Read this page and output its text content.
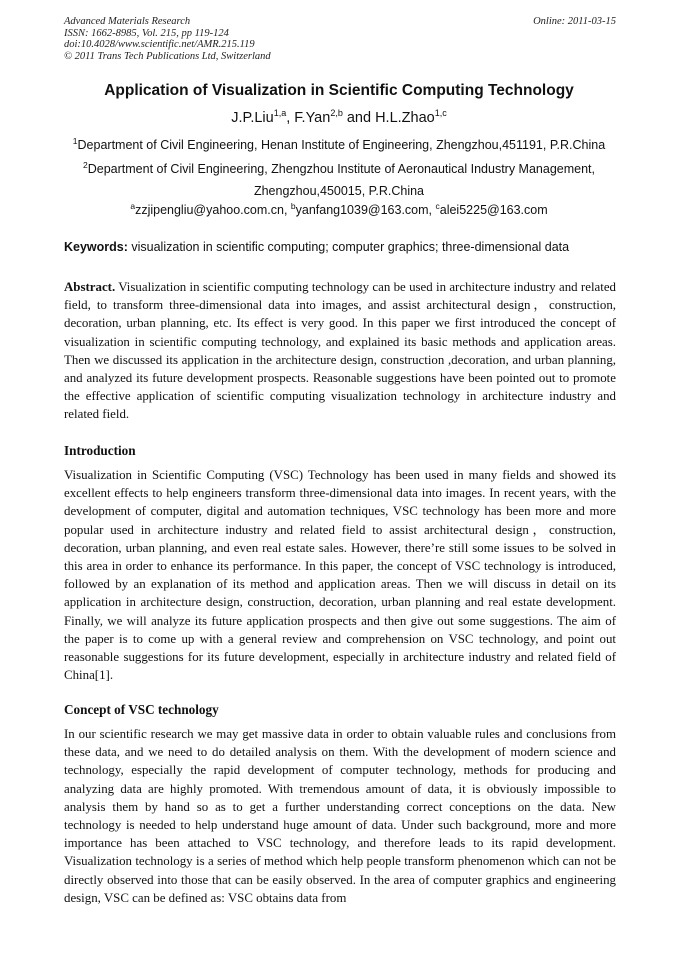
Advanced Materials Research
ISSN: 1662-8985, Vol. 215, pp 119-124
doi:10.4028/www.scientific.net/AMR.215.119
© 2011 Trans Tech Publications Ltd, Switzerland
Online: 2011-03-15
Application of Visualization in Scientific Computing Technology
J.P.Liu$^{1,a}$, F.Yan$^{2,b}$ and H.L.Zhao$^{1,c}$
$^1$Department of Civil Engineering, Henan Institute of Engineering, Zhengzhou,451191, P.R.China
$^2$Department of Civil Engineering, Zhengzhou Institute of Aeronautical Industry Management, Zhengzhou,450015, P.R.China
$^a$zzjipengliu@yahoo.com.cn, $^b$yanfang1039@163.com, $^c$alei5225@163.com
Keywords: visualization in scientific computing; computer graphics; three-dimensional data

Abstract. Visualization in scientific computing technology can be used in architecture industry and related field, to transform three-dimensional data into images, and assist architectural design，construction, decoration, urban planning, etc. Its effect is very good. In this paper we first introduced the concept of visualization in scientific computing technology, and explained its basic methods and application areas. Then we discussed its application in the architecture design, construction ,decoration, and urban planning, and analyzed its future development prospects. Reasonable suggestions have been pointed out to promote the effective application of scientific computing visualization technology in architecture industry and related field.

Introduction

Visualization in Scientific Computing (VSC) Technology has been used in many fields and showed its excellent effects to help engineers transform three-dimensional data into images. In recent years, with the development of computer, digital and automation techniques, VSC technology has been more and more popular used in architecture industry and related field to assist architectural design，construction, decoration, urban planning, and even real estate sales. However, there’re still some issues to be solved in this area in order to enhance its performance. In this paper, the concept of VSC technology is introduced, followed by an explanation of its method and application areas. Then we will discuss in detail on its application in architecture design, construction, decoration, urban planning and real estate development. Finally, we will analyze its future application prospects and then give out some suggestions. The aim of the paper is to come up with a general review and comprehension on VSC technology, and point out reasonable suggestions for its future development, especially in architecture industry and related field of China[1].

Concept of VSC technology

In our scientific research we may get massive data in order to obtain valuable rules and conclusions from these data, and we need to do detailed analysis on them. With the development of modern science and technology, especially the rapid development of computer technology, methods for producing and analyzing data are highly promoted. With tremendous amount of data, it is obviously impossible to analysis them by hand so as to get a further understanding correct conceptions on the data. New technology is needed to help understand huge amount of data. Under such background, more and more importance has been attached to VSC technology, and therefore leads to its rapid development. Visualization technology is a series of method which help people transform phenomenon which can not be directly observed into those that can be easily observed. In the area of computer graphics and engineering design, VSC can be defined as: VSC obtains data from
